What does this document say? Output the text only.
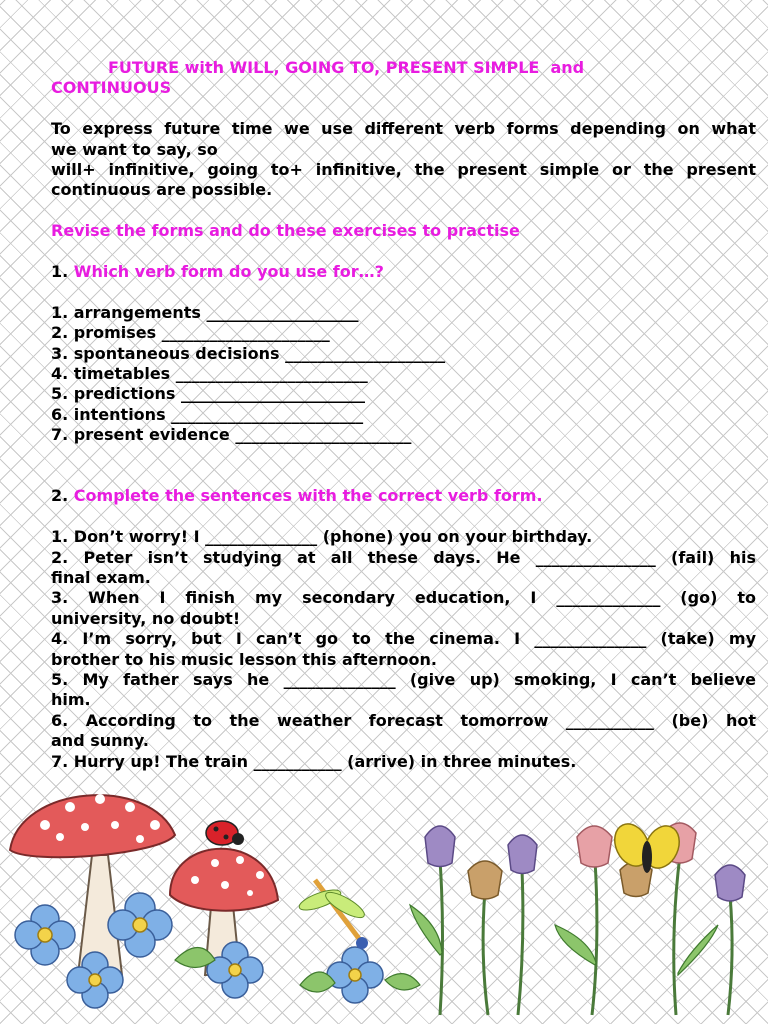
FUTURE with WILL, GOING TO, PRESENT SIMPLE  and
CONTINUOUS
To express future time we use different verb forms depending on what
we want to say, so
will+ infinitive, going to+ infinitive, the present simple or the present
continuous are possible.
Revise the forms and do these exercises to practise
1. Which verb form do you use for…?
1. arrangements ___________________
2. promises _____________________
3. spontaneous decisions ____________________
4. timetables ________________________
5. predictions _______________________
6. intentions ________________________
7. present evidence ______________________
2. Complete the sentences with the correct verb form.
1. Don’t worry! I ______________ (phone) you on your birthday.
2. Peter isn’t studying at all these days. He _______________ (fail) his
final exam.
3. When I finish my secondary education, I _____________ (go) to
university, no doubt!
4. I’m sorry, but I can’t go to the cinema. I ______________ (take) my
brother to his music lesson this afternoon.
5. My father says he ______________ (give up) smoking, I can’t believe
him.
6. According to the weather forecast tomorrow ___________ (be) hot
and sunny.
7. Hurry up! The train ___________ (arrive) in three minutes.
